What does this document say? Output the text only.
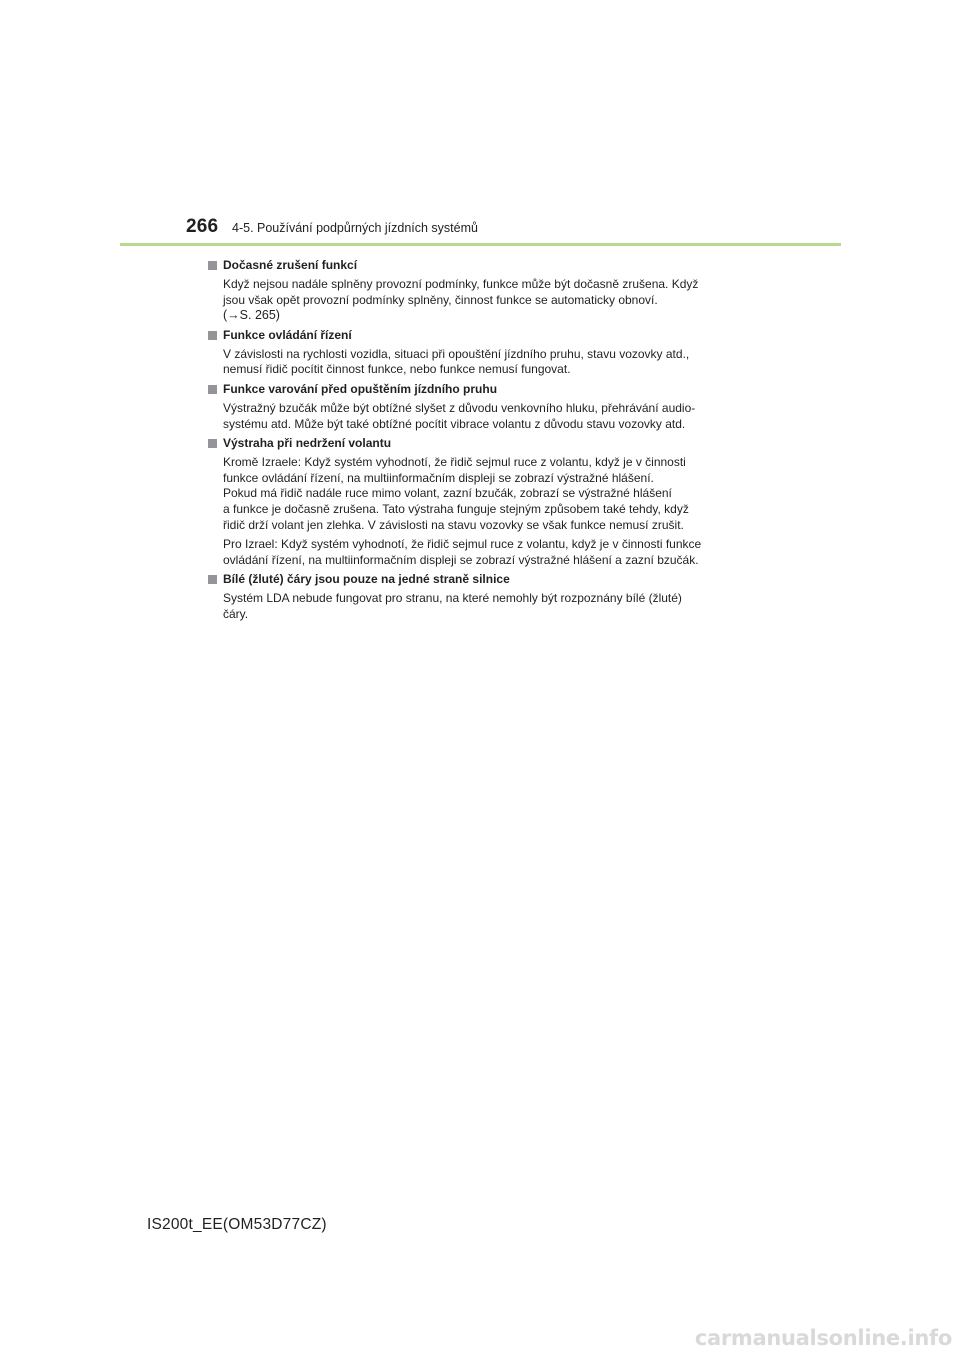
266 4-5. Používání podpůrných jízdních systémů
Dočasné zrušení funkcí

Když nejsou nadále splněny provozní podmínky, funkce může být dočasně zrušena. Když
jsou však opět provozní podmínky splněny, činnost funkce se automaticky obnoví.
(→S. 265)

Funkce ovládání řízení

V závislosti na rychlosti vozidla, situaci při opouštění jízdního pruhu, stavu vozovky atd.,
nemusí řidič pocítit činnost funkce, nebo funkce nemusí fungovat.

Funkce varování před opuštěním jízdního pruhu

Výstražný bzučák může být obtížné slyšet z důvodu venkovního hluku, přehrávání audio-
systému atd. Může být také obtížné pocítit vibrace volantu z důvodu stavu vozovky atd.

Výstraha při nedržení volantu

Kromě Izraele: Když systém vyhodnotí, že řidič sejmul ruce z volantu, když je v činnosti
funkce ovládání řízení, na multiinformačním displeji se zobrazí výstražné hlášení.
Pokud má řidič nadále ruce mimo volant, zazní bzučák, zobrazí se výstražné hlášení
a funkce je dočasně zrušena. Tato výstraha funguje stejným způsobem také tehdy, když
řidič drží volant jen zlehka. V závislosti na stavu vozovky se však funkce nemusí zrušit.

Pro Izrael: Když systém vyhodnotí, že řidič sejmul ruce z volantu, když je v činnosti funkce
ovládání řízení, na multiinformačním displeji se zobrazí výstražné hlášení a zazní bzučák.

Bílé (žluté) čáry jsou pouze na jedné straně silnice

Systém LDA nebude fungovat pro stranu, na které nemohly být rozpoznány bílé (žluté)
čáry.

IS200t_EE(OM53D77CZ)
carmanualsonline.info
